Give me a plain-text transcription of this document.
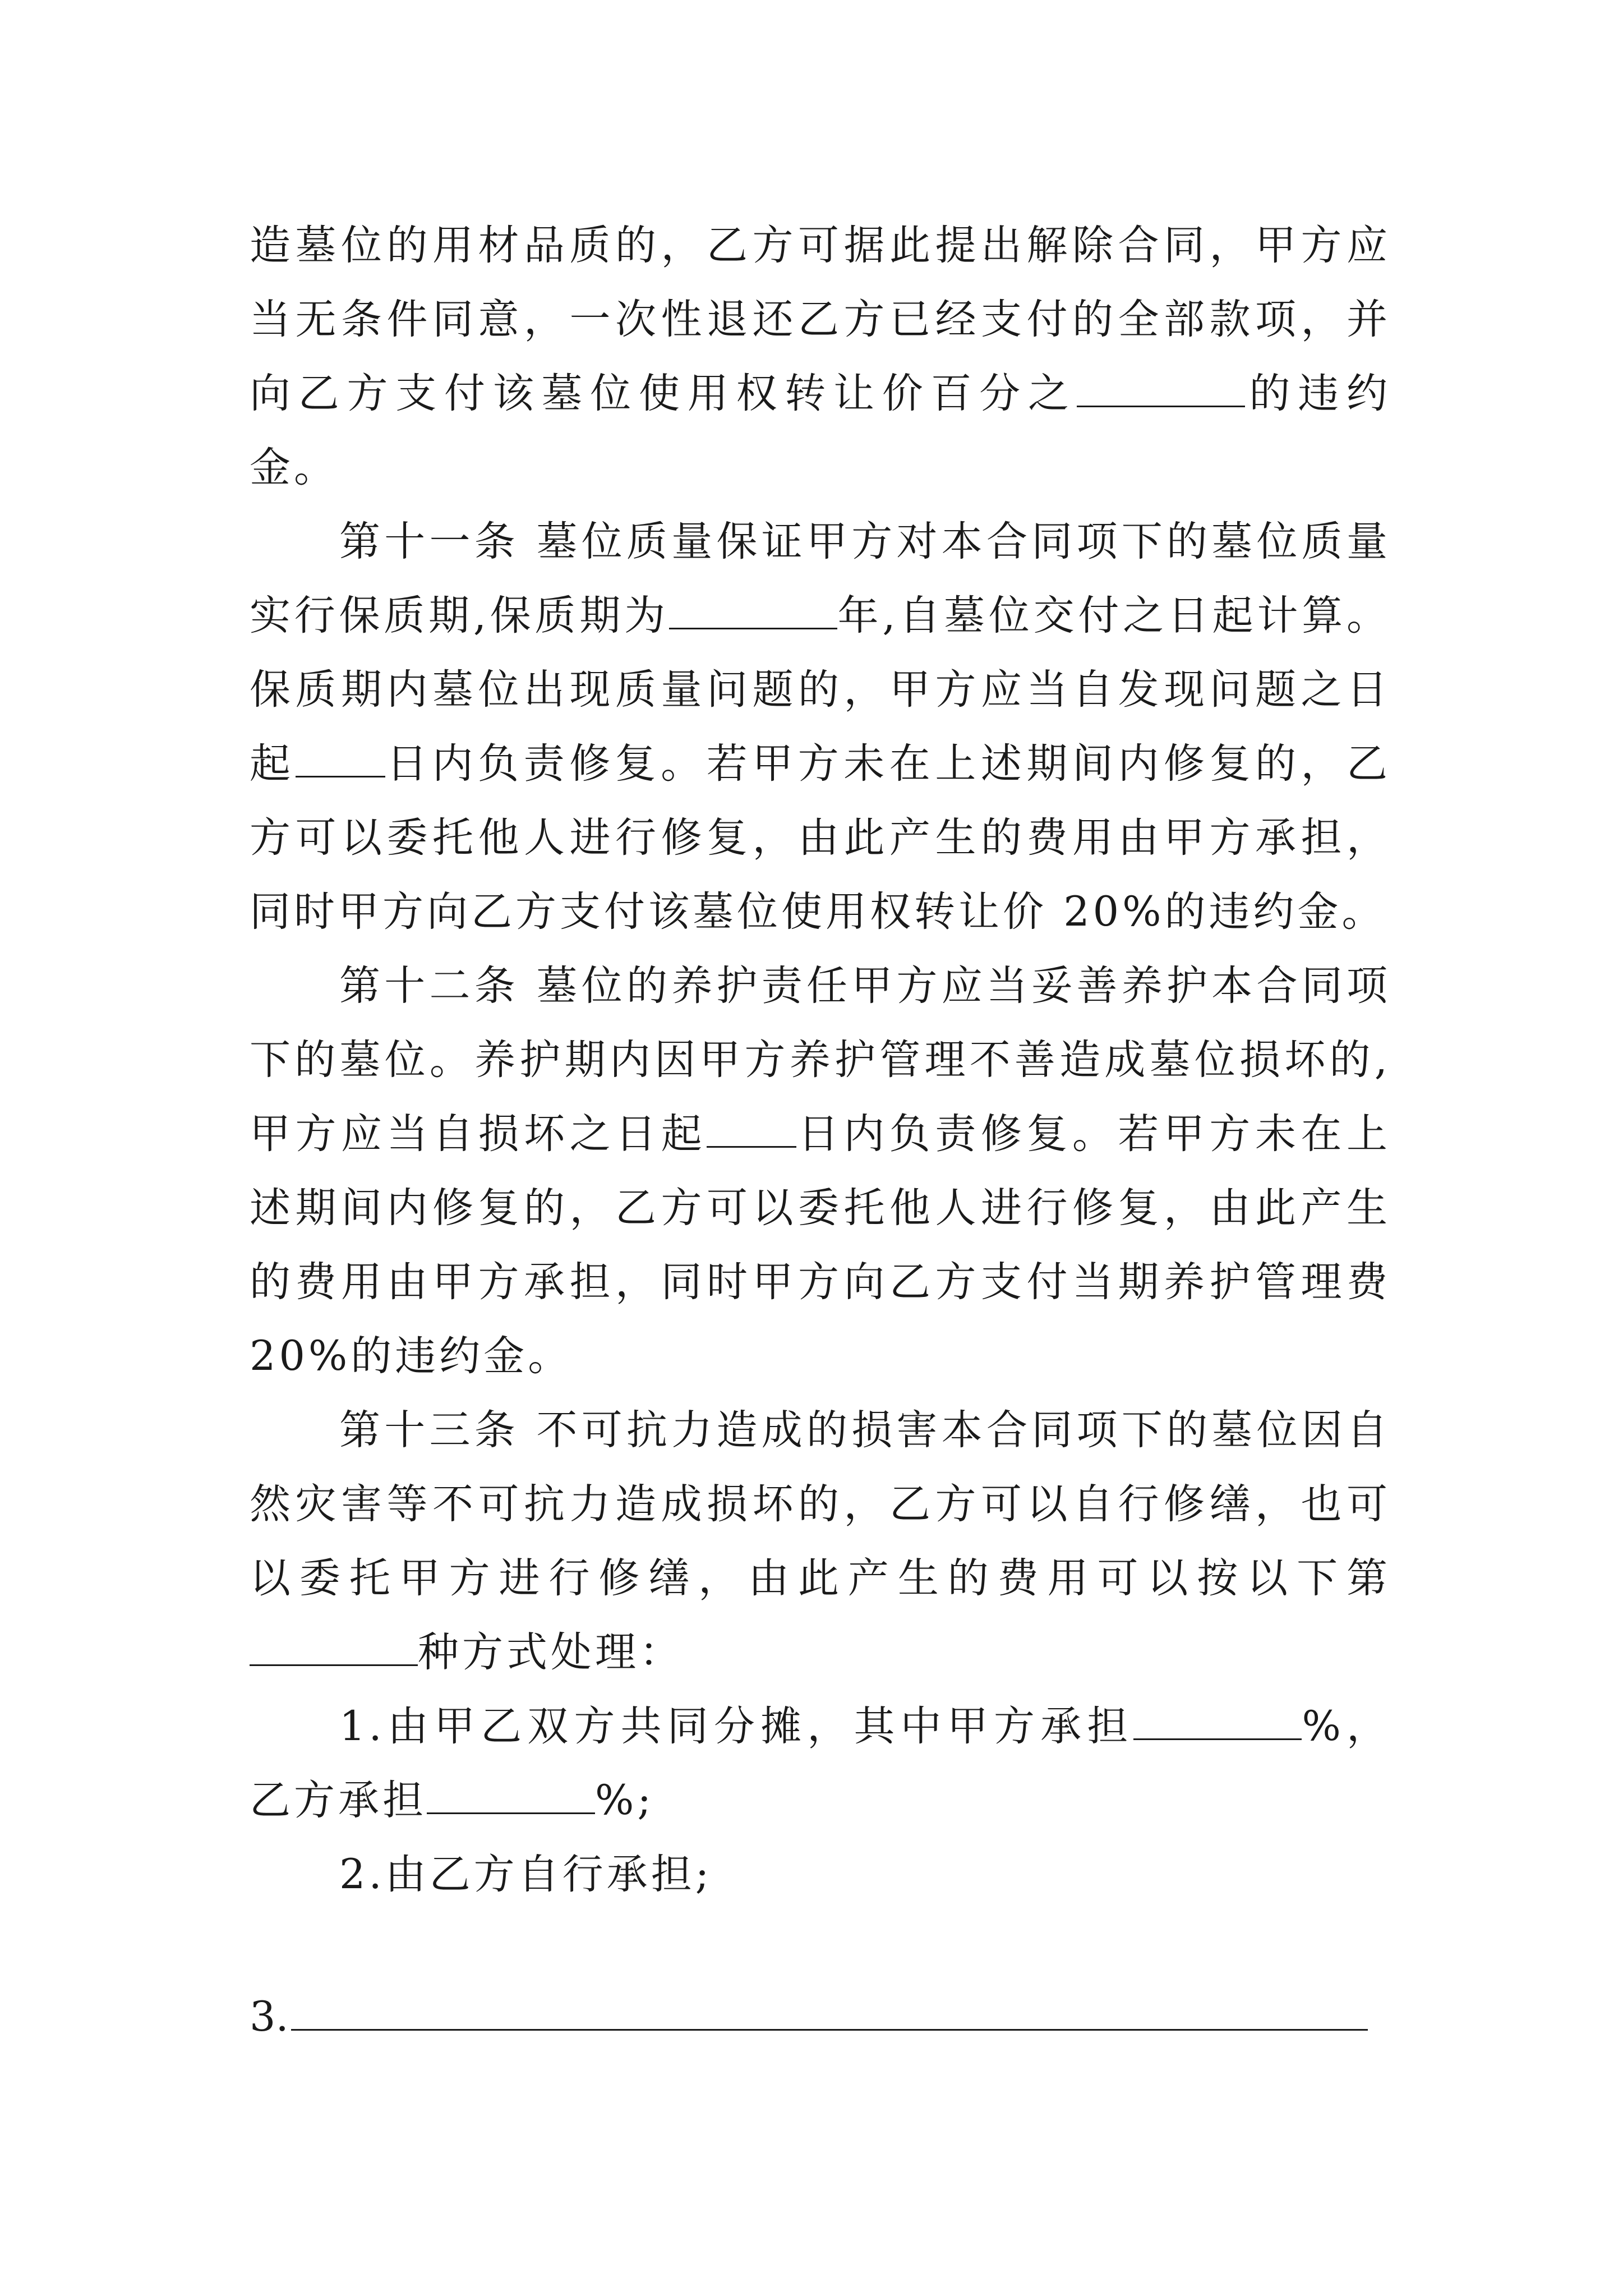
造墓位的用材品质的，乙方可据此提出解除合同，甲方应当无条件同意，一次性退还乙方已经支付的全部款项，并向乙方支付该墓位使用权转让价百分之	的违约金。

第十一条 墓位质量保证甲方对本合同项下的墓位质量实行保质期,保质期为	年,自墓位交付之日起计算。保质期内墓位出现质量问题的，甲方应当自发现问题之日起 日内负责修复。若甲方未在上述期间内修复的，乙方可以委托他人进行修复，由此产生的费用由甲方承担，同时甲方向乙方支付该墓位使用权转让价 20%的违约金。

第十二条 墓位的养护责任甲方应当妥善养护本合同项下的墓位。养护期内因甲方养护管理不善造成墓位损坏的,甲方应当自损坏之日起 日内负责修复。若甲方未在上述期间内修复的，乙方可以委托他人进行修复，由此产生的费用由甲方承担，同时甲方向乙方支付当期养护管理费 20%的违约金。

第十三条 不可抗力造成的损害本合同项下的墓位因自然灾害等不可抗力造成损坏的，乙方可以自行修缮，也可以委托甲方进行修缮，由此产生的费用可以按以下第种方式处理：

1.由甲乙双方共同分摊，其中甲方承担	%，乙方承担	%;

2.由乙方自行承担;

3.
